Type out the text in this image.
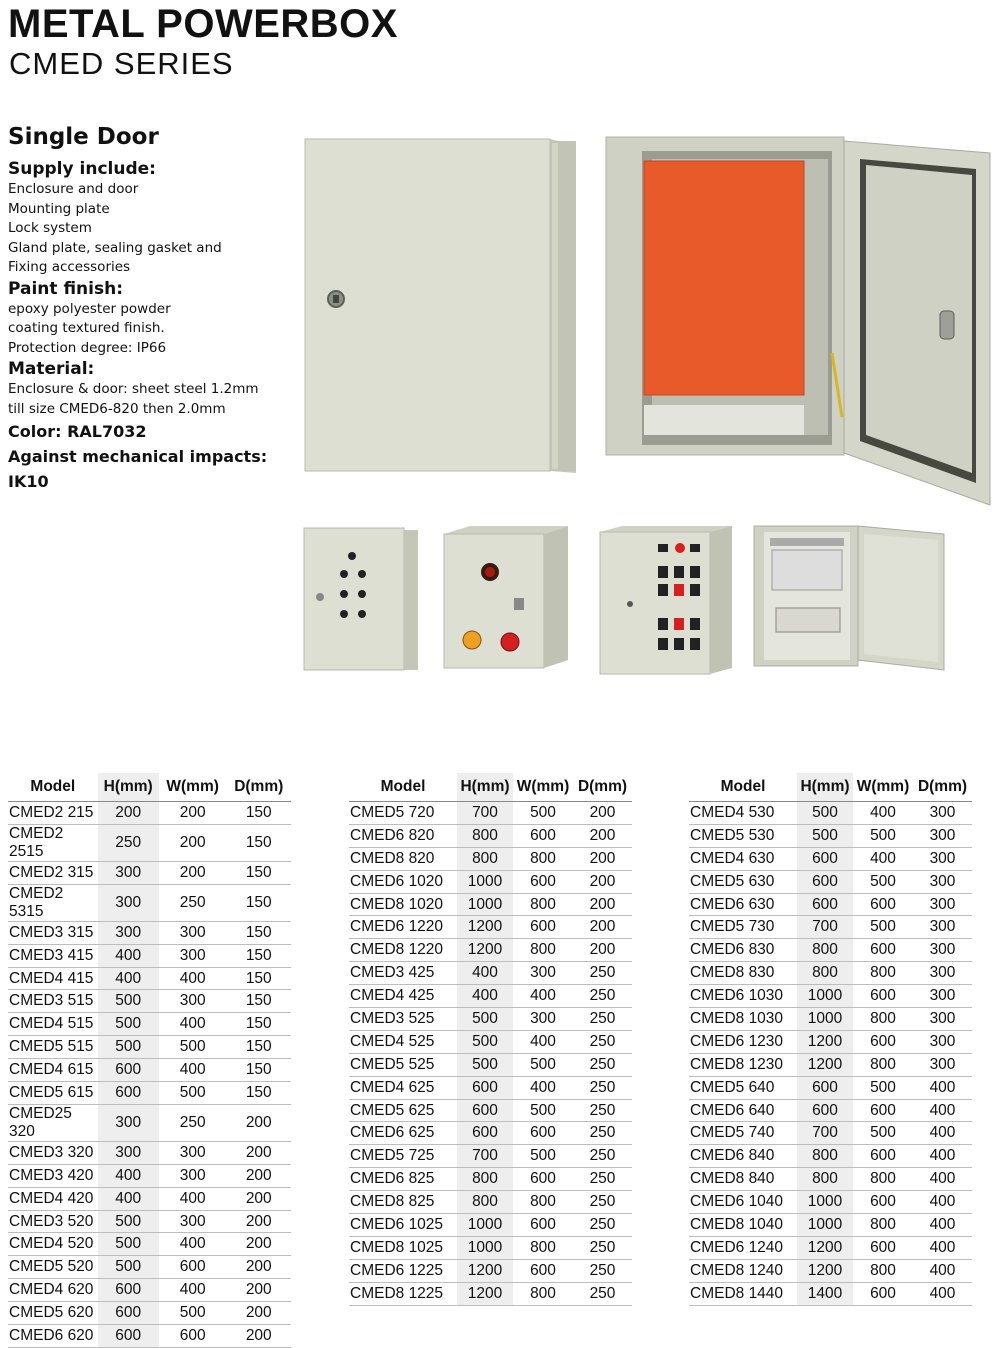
METAL POWERBOX
CMED SERIES
Single Door
Supply include:
Enclosure and door
Mounting plate
Lock system
Gland plate, sealing gasket and
Fixing accessories
Paint finish:
epoxy polyester powder
coating textured finish.
Protection degree: IP66
Material:
Enclosure & door: sheet steel 1.2mm
till size CMED6-820 then 2.0mm
Color: RAL7032
Against mechanical impacts: IK10
Model	H(mm)	W(mm)	D(mm)
CMED2 215	200	200	150
CMED2 2515	250	200	150
CMED2 315	300	200	150
CMED2 5315	300	250	150
CMED3 315	300	300	150
CMED3 415	400	300	150
CMED4 415	400	400	150
CMED3 515	500	300	150
CMED4 515	500	400	150
CMED5 515	500	500	150
CMED4 615	600	400	150
CMED5 615	600	500	150
CMED25 320	300	250	200
CMED3 320	300	300	200
CMED3 420	400	300	200
CMED4 420	400	400	200
CMED3 520	500	300	200
CMED4 520	500	400	200
CMED5 520	500	600	200
CMED4 620	600	400	200
CMED5 620	600	500	200
CMED6 620	600	600	200
Model	H(mm)	W(mm)	D(mm)
CMED5 720	700	500	200
CMED6 820	800	600	200
CMED8 820	800	800	200
CMED6 1020	1000	600	200
CMED8 1020	1000	800	200
CMED6 1220	1200	600	200
CMED8 1220	1200	800	200
CMED3 425	400	300	250
CMED4 425	400	400	250
CMED3 525	500	300	250
CMED4 525	500	400	250
CMED5 525	500	500	250
CMED4 625	600	400	250
CMED5 625	600	500	250
CMED6 625	600	600	250
CMED5 725	700	500	250
CMED6 825	800	600	250
CMED8 825	800	800	250
CMED6 1025	1000	600	250
CMED8 1025	1000	800	250
CMED6 1225	1200	600	250
CMED8 1225	1200	800	250
Model	H(mm)	W(mm)	D(mm)
CMED4 530	500	400	300
CMED5 530	500	500	300
CMED4 630	600	400	300
CMED5 630	600	500	300
CMED6 630	600	600	300
CMED5 730	700	500	300
CMED6 830	800	600	300
CMED8 830	800	800	300
CMED6 1030	1000	600	300
CMED8 1030	1000	800	300
CMED6 1230	1200	600	300
CMED8 1230	1200	800	300
CMED5 640	600	500	400
CMED6 640	600	600	400
CMED5 740	700	500	400
CMED6 840	800	600	400
CMED8 840	800	800	400
CMED6 1040	1000	600	400
CMED8 1040	1000	800	400
CMED6 1240	1200	600	400
CMED8 1240	1200	800	400
CMED8 1440	1400	600	400
